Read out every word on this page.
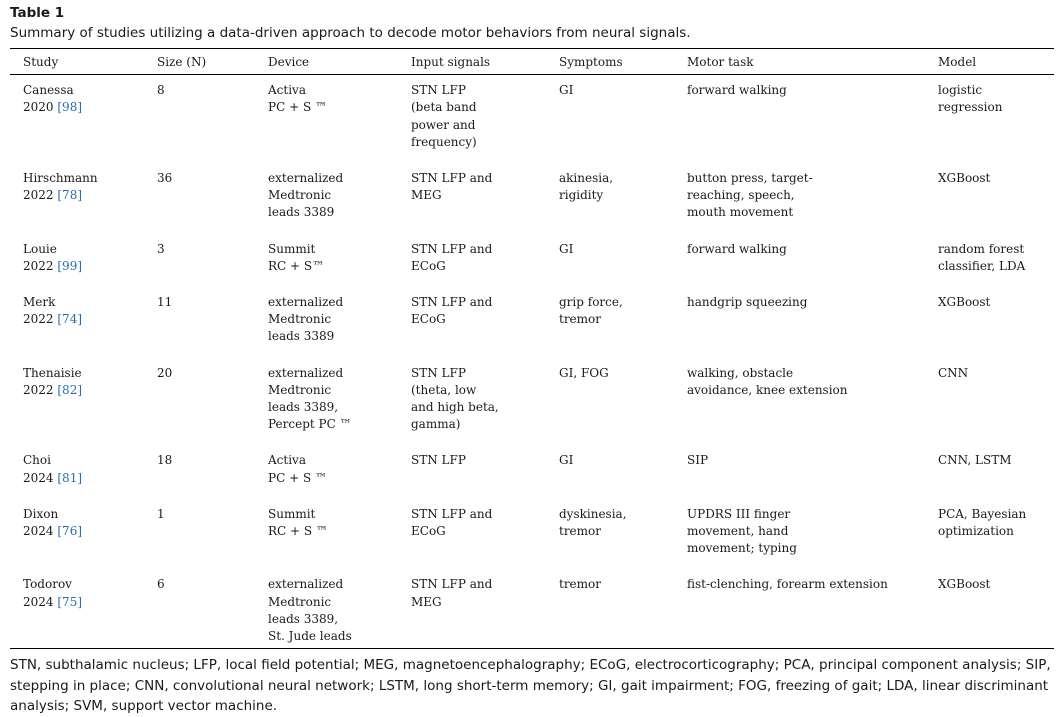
Table 1

Summary of studies utilizing a data-driven approach to decode motor behaviors from neural signals.

Study	Size (N)	Device	Input signals	Symptoms	Motor task	Model
Canessa
2020 [98]	8	Activa
PC + S ™	STN LFP
(beta band
power and
frequency)	GI	forward walking	logistic regression
Hirschmann
2022 [78]	36	externalized
Medtronic
leads 3389	STN LFP and
MEG	akinesia,
rigidity	button press, target-
reaching, speech,
mouth movement	XGBoost
Louie
2022 [99]	3	Summit
RC + S™	STN LFP and
ECoG	GI	forward walking	random forest
classifier, LDA
Merk
2022 [74]	11	externalized
Medtronic
leads 3389	STN LFP and
ECoG	grip force,
tremor	handgrip squeezing	XGBoost
Thenaisie
2022 [82]	20	externalized
Medtronic
leads 3389,
Percept PC ™	STN LFP
(theta, low
and high beta,
gamma)	GI, FOG	walking, obstacle
avoidance, knee extension	CNN
Choi
2024 [81]	18	Activa
PC + S ™	STN LFP	GI	SIP	CNN, LSTM
Dixon
2024 [76]	1	Summit
RC + S ™	STN LFP and
ECoG	dyskinesia,
tremor	UPDRS III finger
movement, hand
movement; typing	PCA, Bayesian
optimization
Todorov
2024 [75]	6	externalized
Medtronic
leads 3389,
St. Jude leads	STN LFP and
MEG	tremor	fist-clenching, forearm extension	XGBoost

STN, subthalamic nucleus; LFP, local field potential; MEG, magnetoencephalography; ECoG, electrocorticography; PCA, principal component analysis; SIP, stepping in place; CNN, convolutional neural network; LSTM, long short-term memory; GI, gait impairment; FOG, freezing of gait; LDA, linear discriminant analysis; SVM, support vector machine.
